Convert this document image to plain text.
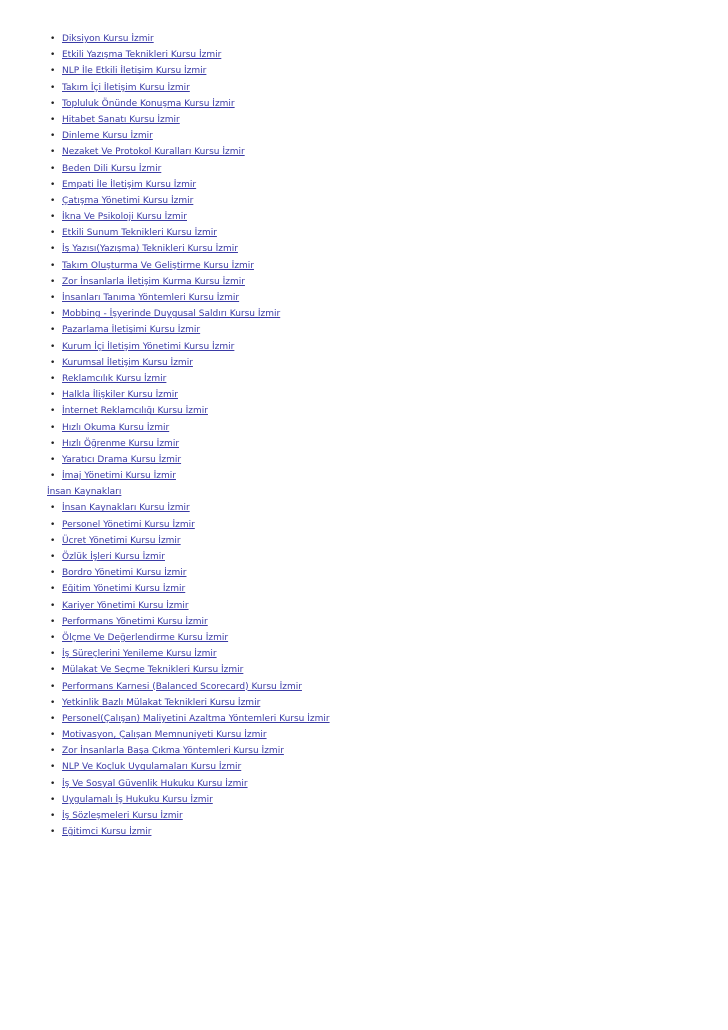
• Diksiyon Kursu İzmir
• Etkili Yazışma Teknikleri Kursu İzmir
• NLP İle Etkili İletişim Kursu İzmir
• Takım İçi İletişim Kursu İzmir
• Topluluk Önünde Konuşma Kursu İzmir
• Hitabet Sanatı Kursu İzmir
• Dinleme Kursu İzmir
• Nezaket Ve Protokol Kuralları Kursu İzmir
• Beden Dili Kursu İzmir
• Empati İle İletişim Kursu İzmir
• Çatışma Yönetimi Kursu İzmir
• İkna Ve Psikoloji Kursu İzmir
• Etkili Sunum Teknikleri Kursu İzmir
• İş Yazısı(Yazışma) Teknikleri Kursu İzmir
• Takım Oluşturma Ve Geliştirme Kursu İzmir
• Zor İnsanlarla İletişim Kurma Kursu İzmir
• İnsanları Tanıma Yöntemleri Kursu İzmir
• Mobbing - İşyerinde Duygusal Saldırı Kursu İzmir
• Pazarlama İletişimi Kursu İzmir
• Kurum İçi İletişim Yönetimi Kursu İzmir
• Kurumsal İletişim Kursu İzmir
• Reklamcılık Kursu İzmir
• Halkla İlişkiler Kursu İzmir
• İnternet Reklamcılığı Kursu İzmir
• Hızlı Okuma Kursu İzmir
• Hızlı Öğrenme Kursu İzmir
• Yaratıcı Drama Kursu İzmir
• İmaj Yönetimi Kursu İzmir
İnsan Kaynakları
• İnsan Kaynakları Kursu İzmir
• Personel Yönetimi Kursu İzmir
• Ücret Yönetimi Kursu İzmir
• Özlük İşleri Kursu İzmir
• Bordro Yönetimi Kursu İzmir
• Eğitim Yönetimi Kursu İzmir
• Kariyer Yönetimi Kursu İzmir
• Performans Yönetimi Kursu İzmir
• Ölçme Ve Değerlendirme Kursu İzmir
• İş Süreçlerini Yenileme Kursu İzmir
• Mülakat Ve Seçme Teknikleri Kursu İzmir
• Performans Karnesi (Balanced Scorecard) Kursu İzmir
• Yetkinlik Bazlı Mülakat Teknikleri Kursu İzmir
• Personel(Çalışan) Maliyetini Azaltma Yöntemleri Kursu İzmir
• Motivasyon, Çalışan Memnuniyeti Kursu İzmir
• Zor İnsanlarla Başa Çıkma Yöntemleri Kursu İzmir
• NLP Ve Koçluk Uygulamaları Kursu İzmir
• İş Ve Sosyal Güvenlik Hukuku Kursu İzmir
• Uygulamalı İş Hukuku Kursu İzmir
• İş Sözleşmeleri Kursu İzmir
• Eğitimci Kursu İzmir
